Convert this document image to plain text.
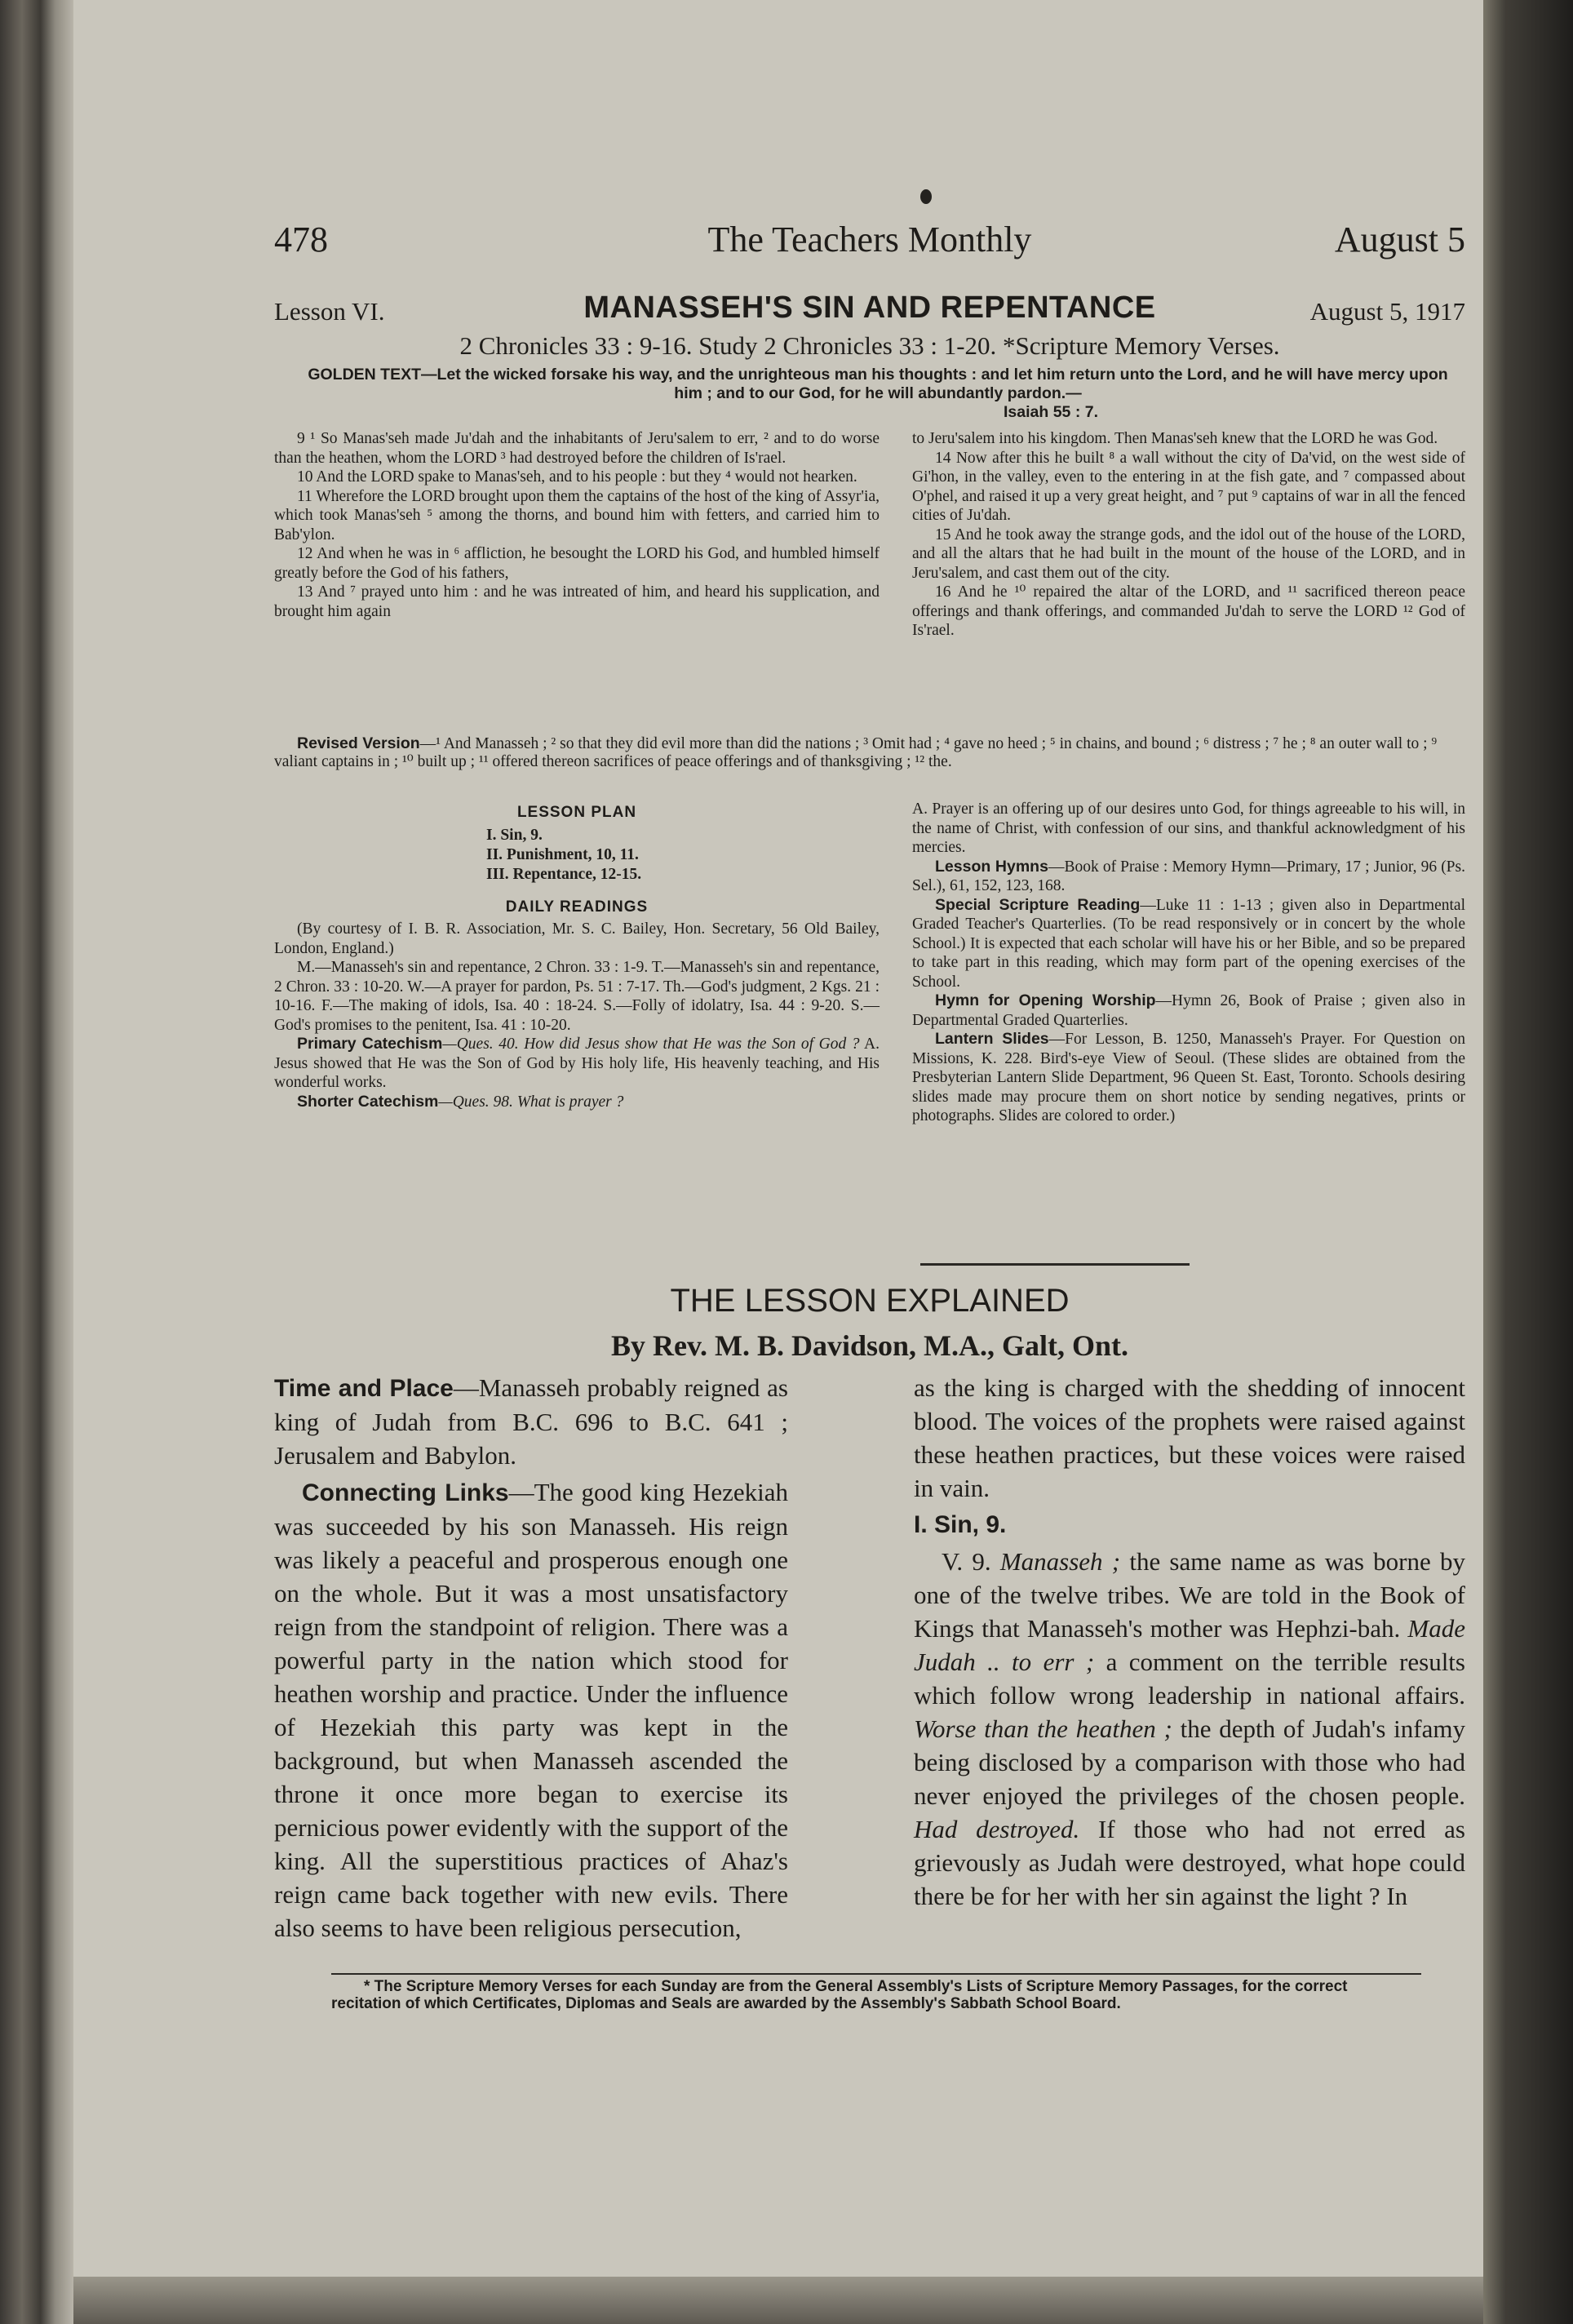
478	The Teachers Monthly	August 5
Lesson VI.	MANASSEH'S SIN AND REPENTANCE	August 5, 1917
2 Chronicles 33 : 9-16. Study 2 Chronicles 33 : 1-20. *Scripture Memory Verses.
GOLDEN TEXT—Let the wicked forsake his way, and the unrighteous man his thoughts : and let him return unto the Lord, and he will have mercy upon him ; and to our God, for he will abundantly pardon.—
Isaiah 55 : 7.

9 ¹ So Manas'seh made Ju'dah and the inhabitants of Jeru'salem to err, ² and to do worse than the heathen, whom the LORD ³ had destroyed before the children of Is'rael.

10 And the LORD spake to Manas'seh, and to his people : but they ⁴ would not hearken.

11 Wherefore the LORD brought upon them the captains of the host of the king of Assyr'ia, which took Manas'seh ⁵ among the thorns, and bound him with fetters, and carried him to Bab'ylon.

12 And when he was in ⁶ affliction, he besought the LORD his God, and humbled himself greatly before the God of his fathers,

13 And ⁷ prayed unto him : and he was intreated of him, and heard his supplication, and brought him again

to Jeru'salem into his kingdom. Then Manas'seh knew that the LORD he was God.

14 Now after this he built ⁸ a wall without the city of Da'vid, on the west side of Gi'hon, in the valley, even to the entering in at the fish gate, and ⁷ compassed about O'phel, and raised it up a very great height, and ⁷ put ⁹ captains of war in all the fenced cities of Ju'dah.

15 And he took away the strange gods, and the idol out of the house of the LORD, and all the altars that he had built in the mount of the house of the LORD, and in Jeru'salem, and cast them out of the city.

16 And he ¹⁰ repaired the altar of the LORD, and ¹¹ sacrificed thereon peace offerings and thank offerings, and commanded Ju'dah to serve the LORD ¹² God of Is'rael.

Revised Version—¹ And Manasseh ; ² so that they did evil more than did the nations ; ³ Omit had ; ⁴ gave no heed ; ⁵ in chains, and bound ; ⁶ distress ; ⁷ he ; ⁸ an outer wall to ; ⁹ valiant captains in ; ¹⁰ built up ; ¹¹ offered thereon sacrifices of peace offerings and of thanksgiving ; ¹² the.

LESSON PLAN
I. Sin, 9.
II. Punishment, 10, 11.
III. Repentance, 12-15.
DAILY READINGS

(By courtesy of I. B. R. Association, Mr. S. C. Bailey, Hon. Secretary, 56 Old Bailey, London, England.)

M.—Manasseh's sin and repentance, 2 Chron. 33 : 1-9. T.—Manasseh's sin and repentance, 2 Chron. 33 : 10-20. W.—A prayer for pardon, Ps. 51 : 7-17. Th.—God's judgment, 2 Kgs. 21 : 10-16. F.—The making of idols, Isa. 40 : 18-24. S.—Folly of idolatry, Isa. 44 : 9-20. S.—God's promises to the penitent, Isa. 41 : 10-20.

Primary Catechism—Ques. 40. How did Jesus show that He was the Son of God ? A. Jesus showed that He was the Son of God by His holy life, His heavenly teaching, and His wonderful works.

Shorter Catechism—Ques. 98. What is prayer ?

A. Prayer is an offering up of our desires unto God, for things agreeable to his will, in the name of Christ, with confession of our sins, and thankful acknowledgment of his mercies.

Lesson Hymns—Book of Praise : Memory Hymn—Primary, 17 ; Junior, 96 (Ps. Sel.), 61, 152, 123, 168.

Special Scripture Reading—Luke 11 : 1-13 ; given also in Departmental Graded Teacher's Quarterlies. (To be read responsively or in concert by the whole School.) It is expected that each scholar will have his or her Bible, and so be prepared to take part in this reading, which may form part of the opening exercises of the School.

Hymn for Opening Worship—Hymn 26, Book of Praise ; given also in Departmental Graded Quarterlies.

Lantern Slides—For Lesson, B. 1250, Manasseh's Prayer. For Question on Missions, K. 228. Bird's-eye View of Seoul. (These slides are obtained from the Presbyterian Lantern Slide Department, 96 Queen St. East, Toronto. Schools desiring slides made may procure them on short notice by sending negatives, prints or photographs. Slides are colored to order.)

THE LESSON EXPLAINED
By Rev. M. B. Davidson, M.A., Galt, Ont.

Time and Place—Manasseh probably reigned as king of Judah from B.C. 696 to B.C. 641 ; Jerusalem and Babylon.

Connecting Links—The good king Hezekiah was succeeded by his son Manasseh. His reign was likely a peaceful and prosperous enough one on the whole. But it was a most unsatisfactory reign from the standpoint of religion. There was a powerful party in the nation which stood for heathen worship and practice. Under the influence of Hezekiah this party was kept in the background, but when Manasseh ascended the throne it once more began to exercise its pernicious power evidently with the support of the king. All the superstitious practices of Ahaz's reign came back together with new evils. There also seems to have been religious persecution,

as the king is charged with the shedding of innocent blood. The voices of the prophets were raised against these heathen practices, but these voices were raised in vain.

I. Sin, 9.

V. 9. Manasseh ; the same name as was borne by one of the twelve tribes. We are told in the Book of Kings that Manasseh's mother was Hephzi-bah. Made Judah .. to err ; a comment on the terrible results which follow wrong leadership in national affairs. Worse than the heathen ; the depth of Judah's infamy being disclosed by a comparison with those who had never enjoyed the privileges of the chosen people. Had destroyed. If those who had not erred as grievously as Judah were destroyed, what hope could there be for her with her sin against the light ? In

* The Scripture Memory Verses for each Sunday are from the General Assembly's Lists of Scripture Memory Passages, for the correct recitation of which Certificates, Diplomas and Seals are awarded by the Assembly's Sabbath School Board.
